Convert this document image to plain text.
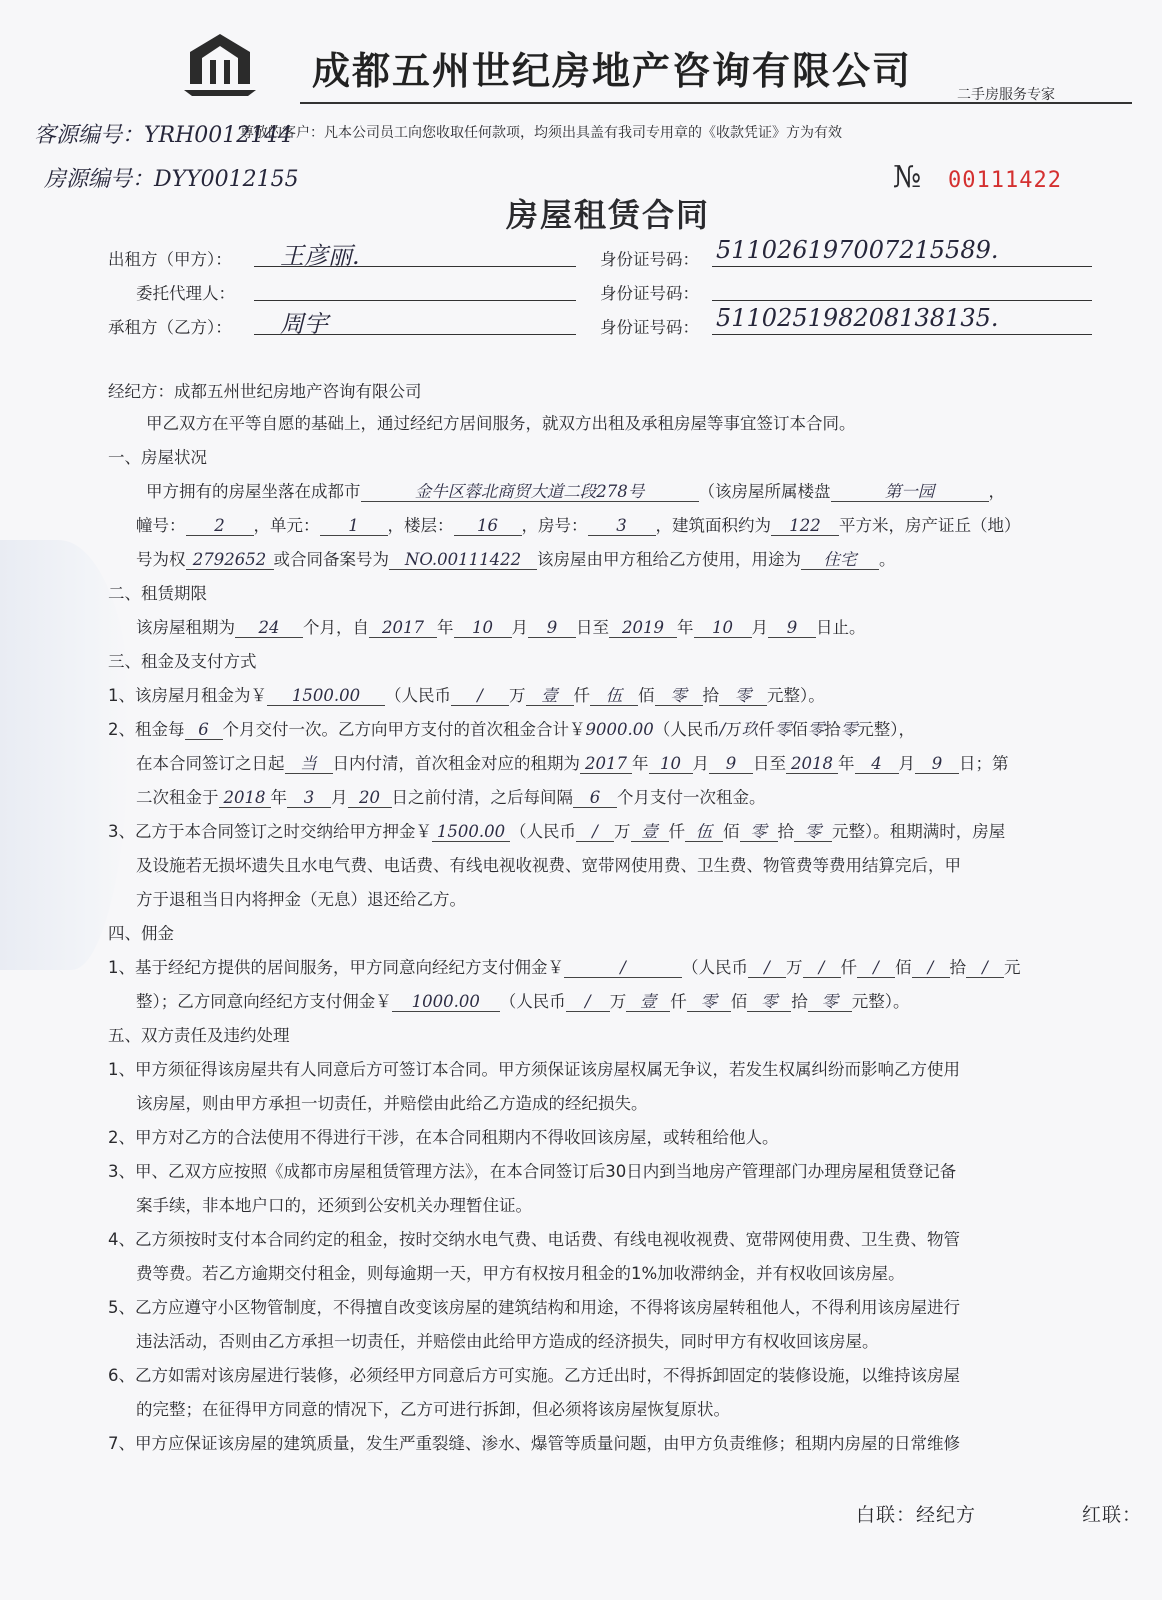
成都五州世纪房地产咨询有限公司
二手房服务专家
尊敬的客户：凡本公司员工向您收取任何款项，均须出具盖有我司专用章的《收款凭证》方为有效
客源编号：YRH0012144
房源编号：DYY0012155	№ 00111422
房屋租赁合同
出租方（甲方）： 王彦丽.	身份证号码： 511026197007215589.
委托代理人：	身份证号码：
承租方（乙方）： 周宇	身份证号码： 511025198208138135.
经纪方：成都五州世纪房地产咨询有限公司
甲乙双方在平等自愿的基础上，通过经纪方居间服务，就双方出租及承租房屋等事宜签订本合同。
一、房屋状况
甲方拥有的房屋坐落在成都市	金牛区蓉北商贸大道二段278号	（该房屋所属楼盘	第一园	，
幢号： 2 ，单元： 1 ，楼层： 16 ，房号： 3 ，建筑面积约为 122 平方米，房产证丘（地）
号为权 2792652 或合同备案号为 NO.00111422 该房屋由甲方租给乙方使用，用途为 住宅 。
二、租赁期限
该房屋租期为 24 个月，自 2017 年 10 月 9 日至 2019 年 10 月 9 日止。
三、租金及支付方式
1、该房屋月租金为￥ 1500.00 （人民币 / 万 壹 仟 伍 佰 零 拾 零 元整）。
2、租金每 6 个月交付一次。乙方向甲方支付的首次租金合计￥9000.00（人民币/万玖仟零佰零拾零元整），
在本合同签订之日起 当 日内付清，首次租金对应的租期为 2017 年 10 月 9 日至 2018 年 4 月 9 日；第
二次租金于 2018 年 3 月 20 日之前付清，之后每间隔 6 个月支付一次租金。
3、乙方于本合同签订之时交纳给甲方押金￥ 1500.00 （人民币 / 万 壹 仟 伍 佰 零 拾 零 元整）。租期满时，房屋
及设施若无损坏遗失且水电气费、电话费、有线电视收视费、宽带网使用费、卫生费、物管费等费用结算完后，甲
方于退租当日内将押金（无息）退还给乙方。
四、佣金
1、基于经纪方提供的居间服务，甲方同意向经纪方支付佣金￥	/	（人民币 / 万 / 仟 / 佰 / 拾 / 元
整）；乙方同意向经纪方支付佣金￥ 1000.00 （人民币 / 万 壹 仟 零 佰 零 拾 零 元整）。
五、双方责任及违约处理
1、甲方须征得该房屋共有人同意后方可签订本合同。甲方须保证该房屋权属无争议，若发生权属纠纷而影响乙方使用
该房屋，则由甲方承担一切责任，并赔偿由此给乙方造成的经纪损失。
2、甲方对乙方的合法使用不得进行干涉，在本合同租期内不得收回该房屋，或转租给他人。
3、甲、乙双方应按照《成都市房屋租赁管理方法》，在本合同签订后30日内到当地房产管理部门办理房屋租赁登记备
案手续，非本地户口的，还须到公安机关办理暂住证。
4、乙方须按时支付本合同约定的租金，按时交纳水电气费、电话费、有线电视收视费、宽带网使用费、卫生费、物管
费等费。若乙方逾期交付租金，则每逾期一天，甲方有权按月租金的1%加收滞纳金，并有权收回该房屋。
5、乙方应遵守小区物管制度，不得擅自改变该房屋的建筑结构和用途，不得将该房屋转租他人，不得利用该房屋进行
违法活动，否则由乙方承担一切责任，并赔偿由此给甲方造成的经济损失，同时甲方有权收回该房屋。
6、乙方如需对该房屋进行装修，必须经甲方同意后方可实施。乙方迁出时，不得拆卸固定的装修设施，以维持该房屋
的完整；在征得甲方同意的情况下，乙方可进行拆卸，但必须将该房屋恢复原状。
7、甲方应保证该房屋的建筑质量，发生严重裂缝、渗水、爆管等质量问题，由甲方负责维修；租期内房屋的日常维修
白联：经纪方	红联：
